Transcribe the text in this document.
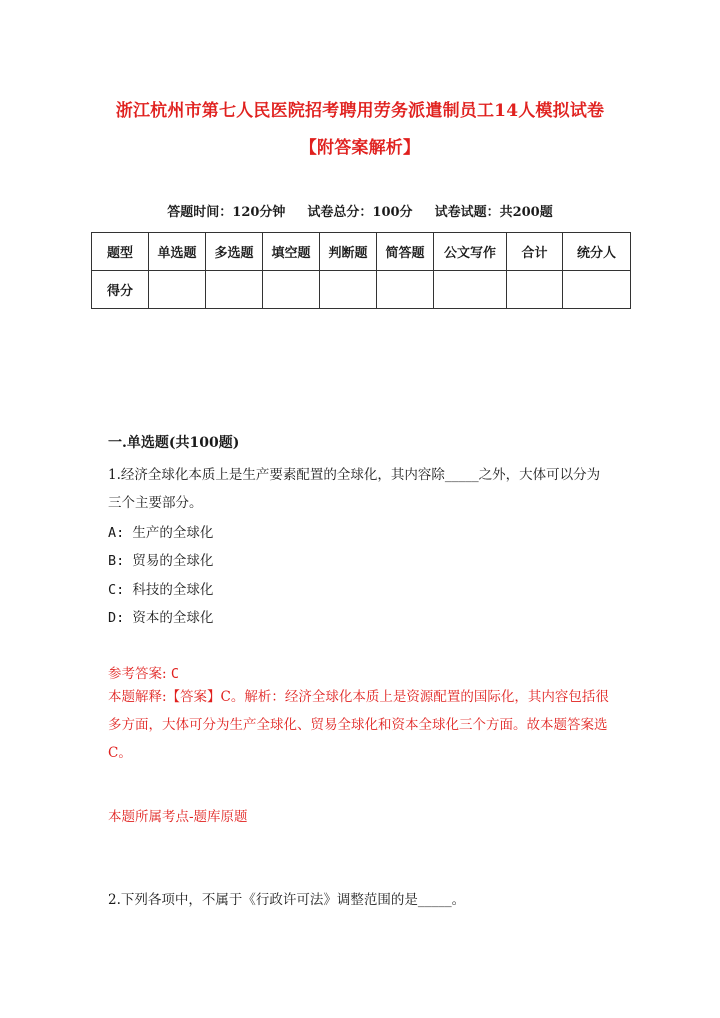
浙江杭州市第七人民医院招考聘用劳务派遣制员工14人模拟试卷
【附答案解析】
答题时间：120分钟 试卷总分：100分 试卷试题：共200题
题型	单选题	多选题	填空题	判断题	简答题	公文写作	合计	统分人
得分								
一.单选题(共100题)
1.经济全球化本质上是生产要素配置的全球化，其内容除_____之外，大体可以分为三个主要部分。
A: 生产的全球化
B: 贸易的全球化
C: 科技的全球化
D: 资本的全球化
参考答案: C
本题解释:【答案】C。解析：经济全球化本质上是资源配置的国际化，其内容包括很多方面，大体可分为生产全球化、贸易全球化和资本全球化三个方面。故本题答案选C。
本题所属考点-题库原题
2.下列各项中，不属于《行政许可法》调整范围的是_____。
